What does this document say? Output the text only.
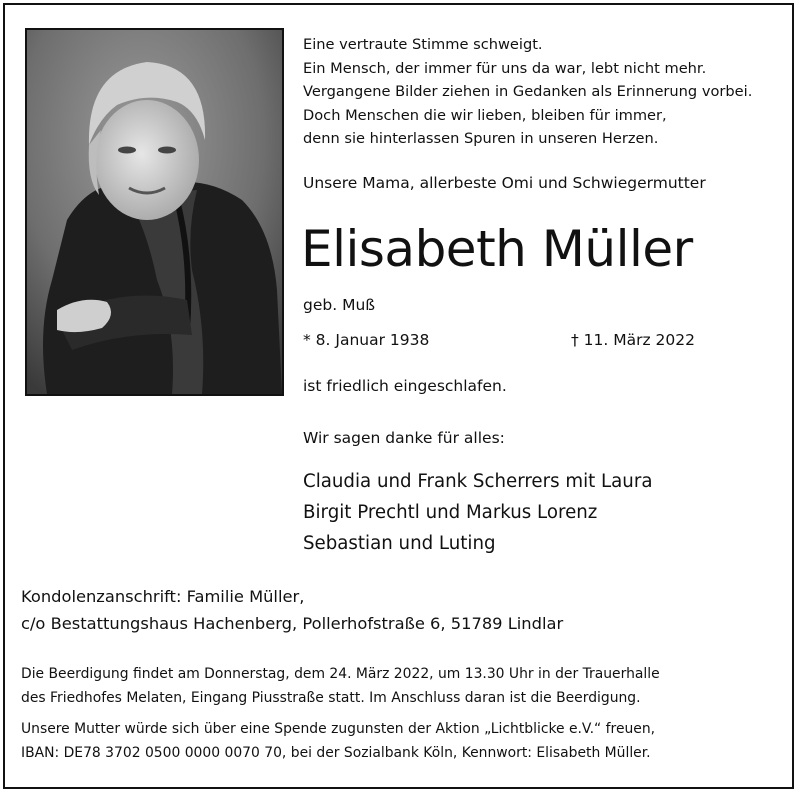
Eine vertraute Stimme schweigt.
Ein Mensch, der immer für uns da war, lebt nicht mehr.
Vergangene Bilder ziehen in Gedanken als Erinnerung vorbei.
Doch Menschen die wir lieben, bleiben für immer,
denn sie hinterlassen Spuren in unseren Herzen.

Unsere Mama, allerbeste Omi und Schwiegermutter

Elisabeth Müller

geb. Muß

* 8. Januar 1938	† 11. März 2022

ist friedlich eingeschlafen.

Wir sagen danke für alles:

Claudia und Frank Scherrers mit Laura
Birgit Prechtl und Markus Lorenz
Sebastian und Luting
Kondolenzanschrift: Familie Müller,
c/o Bestattungshaus Hachenberg, Pollerhofstraße 6, 51789 Lindlar
Die Beerdigung findet am Donnerstag, dem 24. März 2022, um 13.30 Uhr in der Trauerhalle
des Friedhofes Melaten, Eingang Piusstraße statt. Im Anschluss daran ist die Beerdigung.
Unsere Mutter würde sich über eine Spende zugunsten der Aktion „Lichtblicke e.V.“ freuen,
IBAN: DE78 3702 0500 0000 0070 70, bei der Sozialbank Köln, Kennwort: Elisabeth Müller.
